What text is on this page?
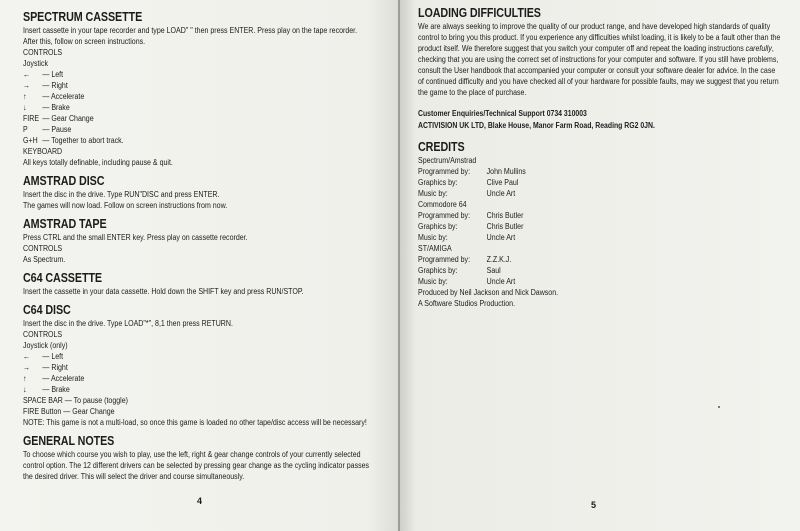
SPECTRUM CASSETTE

Insert cassette in your tape recorder and type LOAD" " then press ENTER. Press play on the tape recorder.

After this, follow on screen instructions.

CONTROLS

Joystick

←	— Left
→	— Right
↑	— Accelerate
↓	— Brake
FIRE — Gear Change
P	— Pause
G+H — Together to abort track.

KEYBOARD

All keys totally definable, including pause & quit.

AMSTRAD DISC

Insert the disc in the drive. Type RUN"DISC and press ENTER.

The games will now load. Follow on screen instructions from now.

AMSTRAD TAPE

Press CTRL and the small ENTER key. Press play on cassette recorder.

CONTROLS

As Spectrum.

C64 CASSETTE

Insert the cassette in your data cassette. Hold down the SHIFT key and press RUN/STOP.

C64 DISC

Insert the disc in the drive. Type LOAD"*", 8,1 then press RETURN.

CONTROLS

Joystick (only)

←	— Left
→	— Right
↑	— Accelerate
↓	— Brake

SPACE BAR — To pause (toggle)

FIRE Button — Gear Change

NOTE: This game is not a multi-load, so once this game is loaded no other tape/disc access will be necessary!

GENERAL NOTES

To choose which course you wish to play, use the left, right & gear change controls of your currently selected control option. The 12 different drivers can be selected by pressing gear change as the cycling indicator passes the desired driver. This will select the driver and course simultaneously.

LOADING DIFFICULTIES

We are always seeking to improve the quality of our product range, and have developed high standards of quality control to bring you this product. If you experience any difficulties whilst loading, it is likely to be a fault other than the product itself. We therefore suggest that you switch your computer off and repeat the loading instructions carefully, checking that you are using the correct set of instructions for your computer and software. If you still have problems, consult the User handbook that accompanied your computer or consult your software dealer for advice. In the case of continued difficulty and you have checked all of your hardware for possible faults, may we suggest that you return the game to the place of purchase.

Customer Enquiries/Technical Support 0734 310003

ACTIVISION UK LTD, Blake House, Manor Farm Road, Reading RG2 0JN.

CREDITS

Spectrum/Amstrad

Programmed by:	John Mullins
Graphics by:	Clive Paul
Music by:	Uncle Art

Commodore 64

Programmed by:	Chris Butler
Graphics by:	Chris Butler
Music by:	Uncle Art

ST/AMIGA

Programmed by:	Z.Z.K.J.
Graphics by:	Saul
Music by:	Uncle Art

Produced by Neil Jackson and Nick Dawson.

A Software Studios Production.

4	5
